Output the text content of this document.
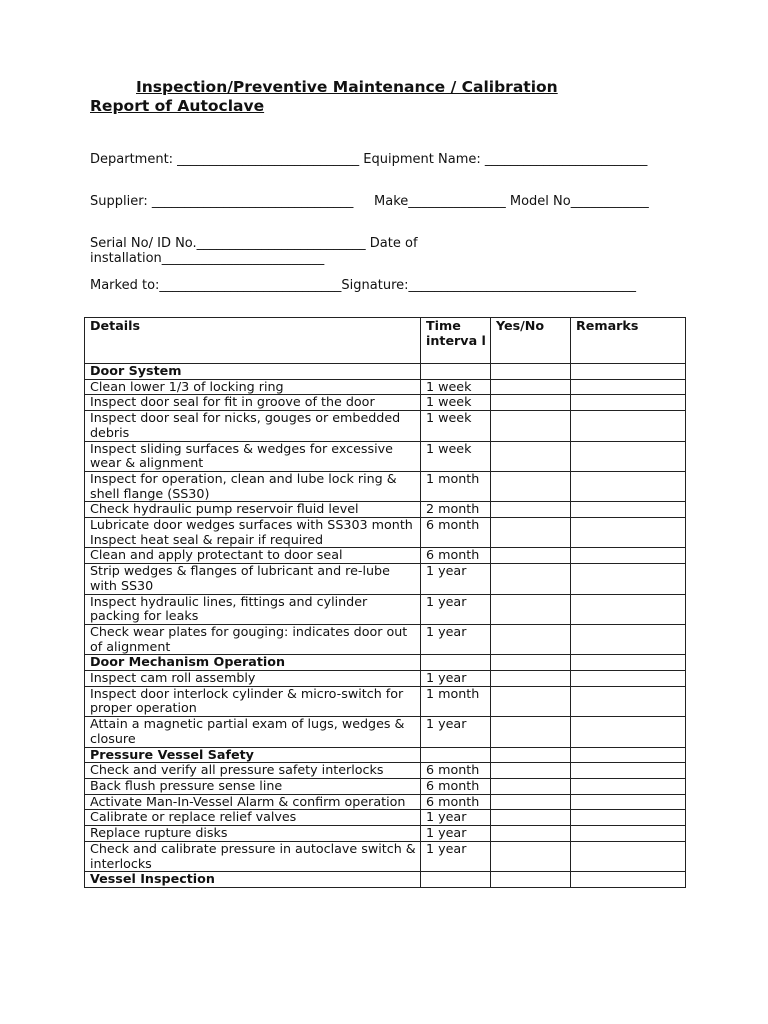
Inspection/Preventive Maintenance / Calibration
Report of Autoclave
Department: ____________________________ Equipment Name: _________________________
Supplier: _______________________________     Make_______________ Model No____________
Serial No/ ID No.__________________________ Date of installation_________________________
Marked to:____________________________Signature:___________________________________
Details	Time interva l	Yes/No	Remarks
Door System			
Clean lower 1/3 of locking ring	1 week		
Inspect door seal for fit in groove of the door	1 week		
Inspect door seal for nicks, gouges or embedded debris	1 week		
Inspect sliding surfaces & wedges for excessive wear & alignment	1 week		
Inspect for operation, clean and lube lock ring & shell flange (SS30)	1 month		
Check hydraulic pump reservoir fluid level	2 month		
Lubricate door wedges surfaces with SS303 month Inspect heat seal & repair if required	6 month		
Clean and apply protectant to door seal	6 month		
Strip wedges & flanges of lubricant and re-lube with SS30	1 year		
Inspect hydraulic lines, fittings and cylinder packing for leaks	1 year		
Check wear plates for gouging: indicates door out of alignment	1 year		
Door Mechanism Operation			
Inspect cam roll assembly	1 year		
Inspect door interlock cylinder & micro-switch for proper operation	1 month		
Attain a magnetic partial exam of lugs, wedges & closure	1 year		
Pressure Vessel Safety			
Check and verify all pressure safety interlocks	6 month		
Back flush pressure sense line	6 month		
Activate Man-In-Vessel Alarm & confirm operation	6 month		
Calibrate or replace relief valves	1 year		
Replace rupture disks	1 year		
Check and calibrate pressure in autoclave switch & interlocks	1 year		
Vessel Inspection			
